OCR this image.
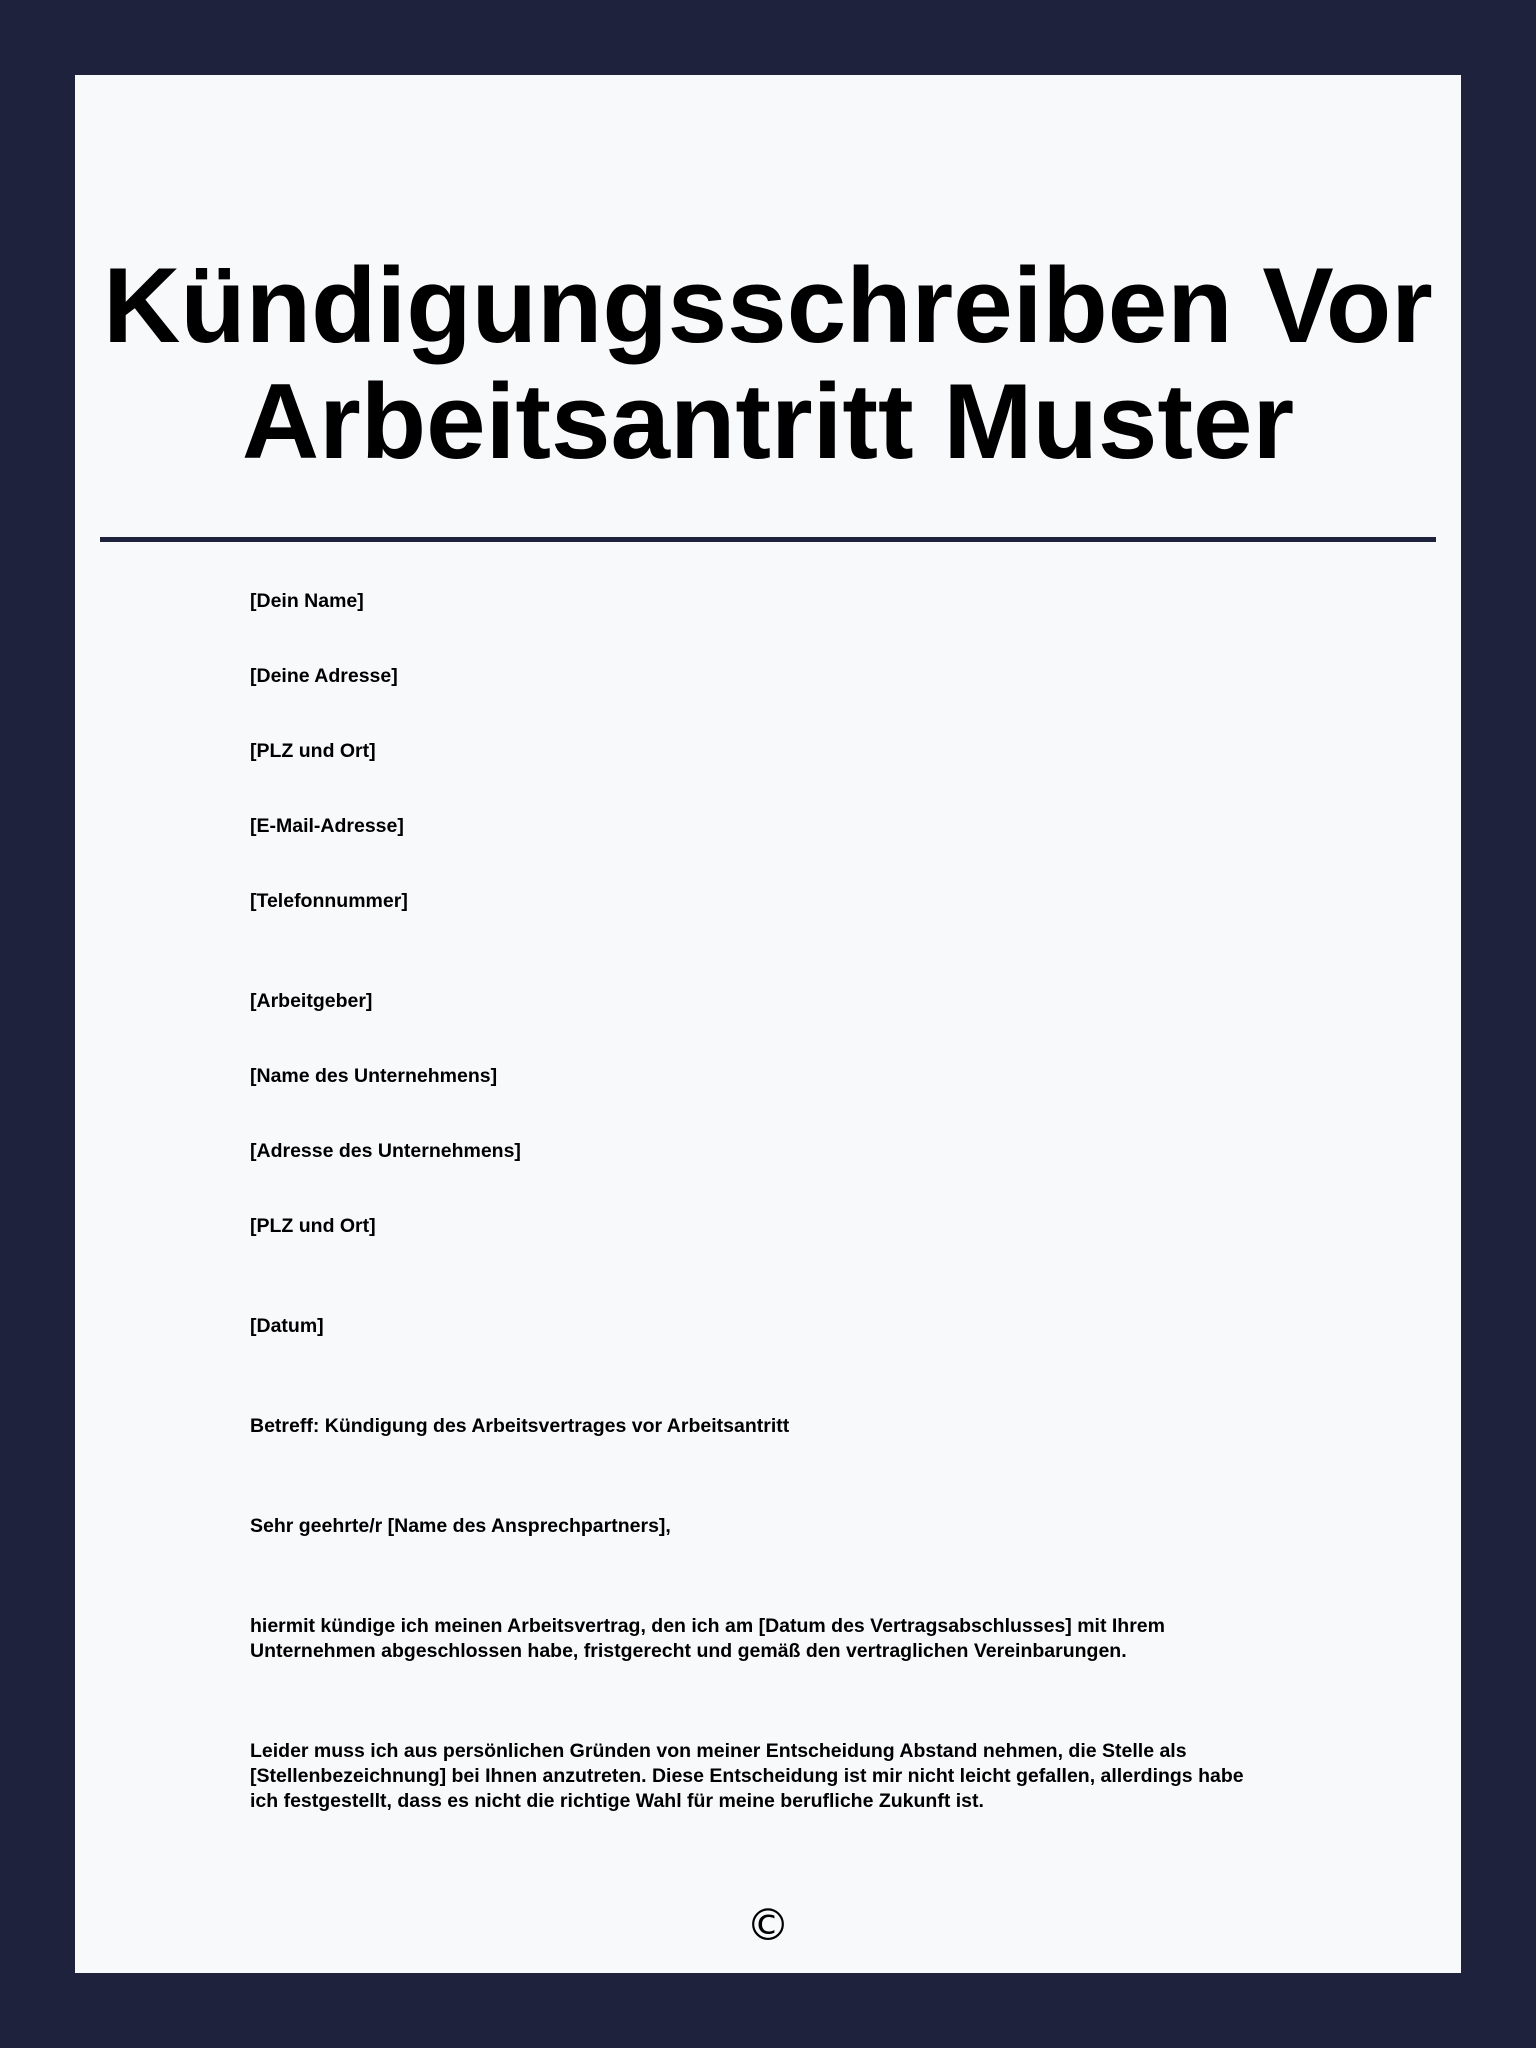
Kündigungsschreiben Vor
Arbeitsantritt Muster

[Dein Name]

[Deine Adresse]

[PLZ und Ort]

[E-Mail-Adresse]

[Telefonnummer]

[Arbeitgeber]

[Name des Unternehmens]

[Adresse des Unternehmens]

[PLZ und Ort]

[Datum]

Betreff: Kündigung des Arbeitsvertrages vor Arbeitsantritt

Sehr geehrte/r [Name des Ansprechpartners],

hiermit kündige ich meinen Arbeitsvertrag, den ich am [Datum des Vertragsabschlusses] mit Ihrem

Unternehmen abgeschlossen habe, fristgerecht und gemäß den vertraglichen Vereinbarungen.

Leider muss ich aus persönlichen Gründen von meiner Entscheidung Abstand nehmen, die Stelle als

[Stellenbezeichnung] bei Ihnen anzutreten. Diese Entscheidung ist mir nicht leicht gefallen, allerdings habe

ich festgestellt, dass es nicht die richtige Wahl für meine berufliche Zukunft ist.

©
